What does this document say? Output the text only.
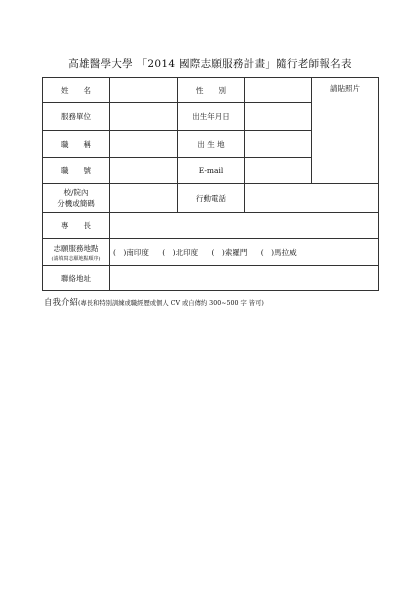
高雄醫學大學 「2014 國際志願服務計畫」隨行老師報名表
姓　　名		性　　別		請貼照片
服務單位		出生年月日		
職　　稱		出 生 地		
職　　號		E-mail		
校/院內
分機或簡碼		行動電話		
專　　長				
志願服務地點
(請填寫志願地點順序)	(　)南印度 (　)北印度 (　)索羅門 (　)馬拉威			
聯絡地址				
自我介紹(專長和特別訓練或職經歷或個人 CV 或自傳約 300~500 字 皆可)
